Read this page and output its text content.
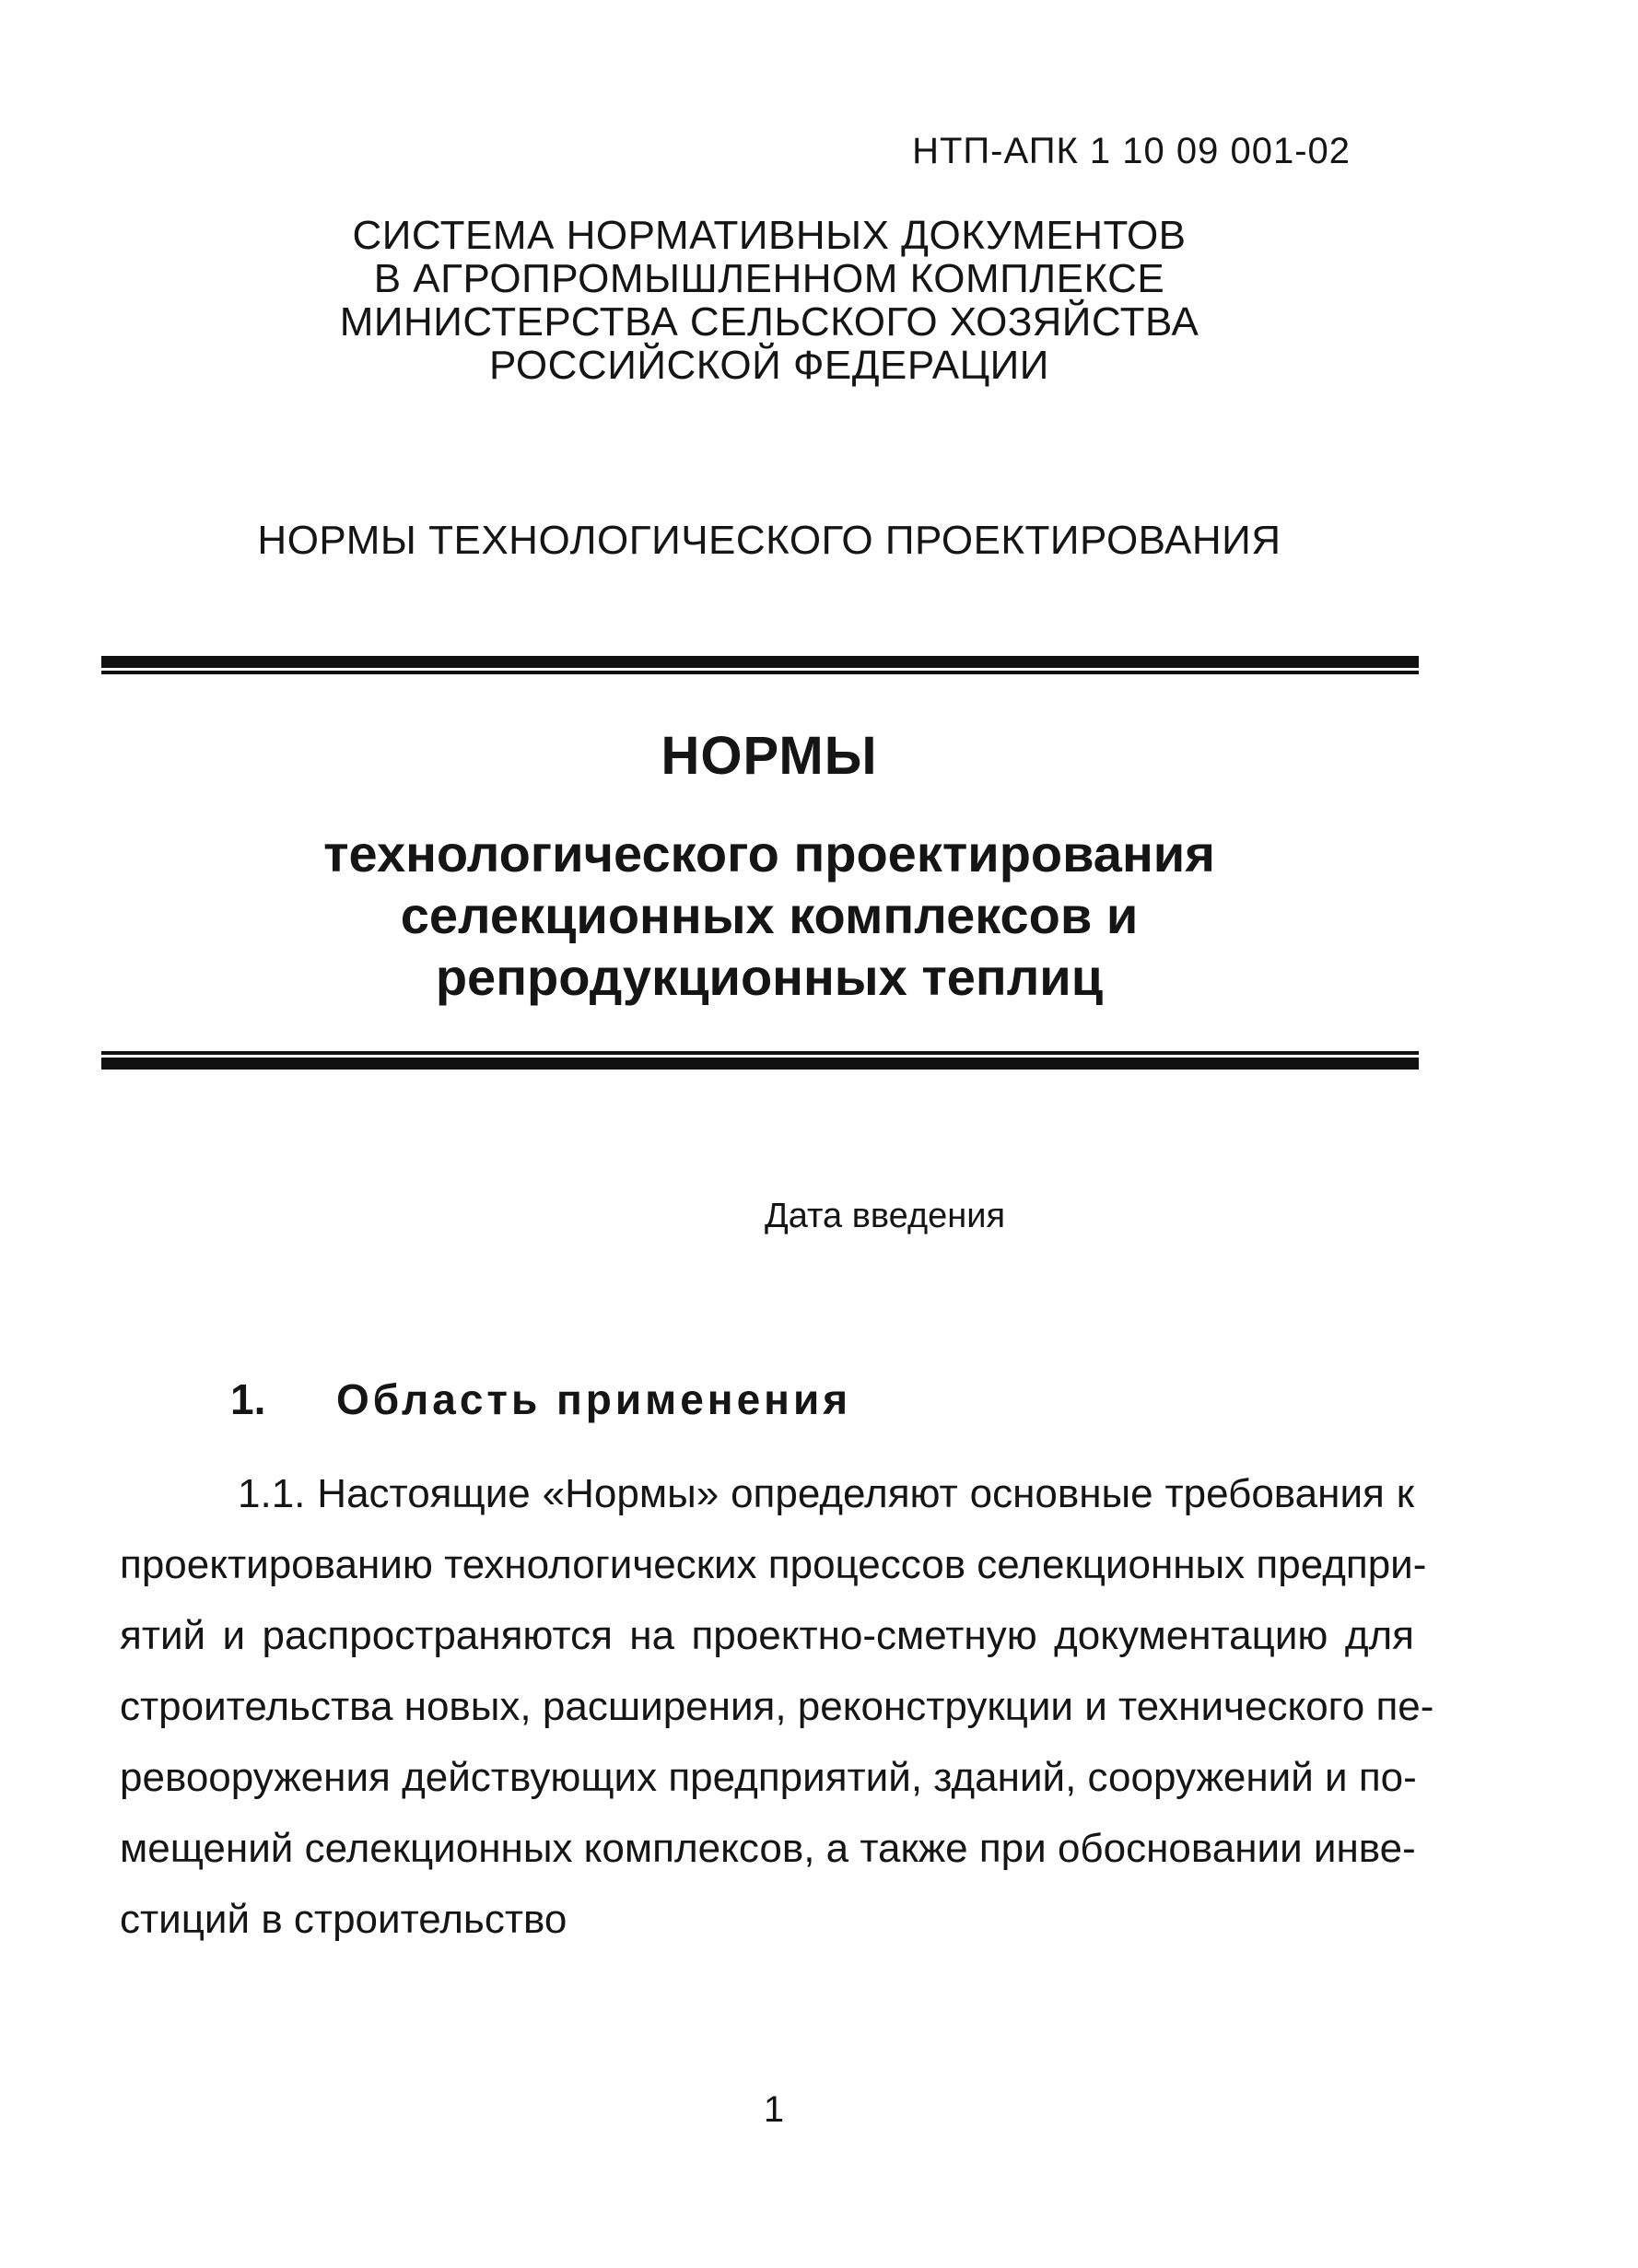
НТП-АПК 1 10 09 001-02
СИСТЕМА НОРМАТИВНЫХ ДОКУМЕНТОВ
В АГРОПРОМЫШЛЕННОМ КОМПЛЕКСЕ
МИНИСТЕРСТВА СЕЛЬСКОГО ХОЗЯЙСТВА
РОССИЙСКОЙ ФЕДЕРАЦИИ
НОРМЫ ТЕХНОЛОГИЧЕСКОГО ПРОЕКТИРОВАНИЯ
НОРМЫ
технологического проектирования
селекционных комплексов и
репродукционных теплиц
Дата введения
1. Область применения
1.1. Настоящие «Нормы» определяют основные требования к
проектированию технологических процессов селекционных предпри-
ятий и распространяются на проектно-сметную документацию для
строительства новых, расширения, реконструкции и технического пе-
ревооружения действующих предприятий, зданий, сооружений и по-
мещений селекционных комплексов, а также при обосновании инве-
стиций в строительство
1
